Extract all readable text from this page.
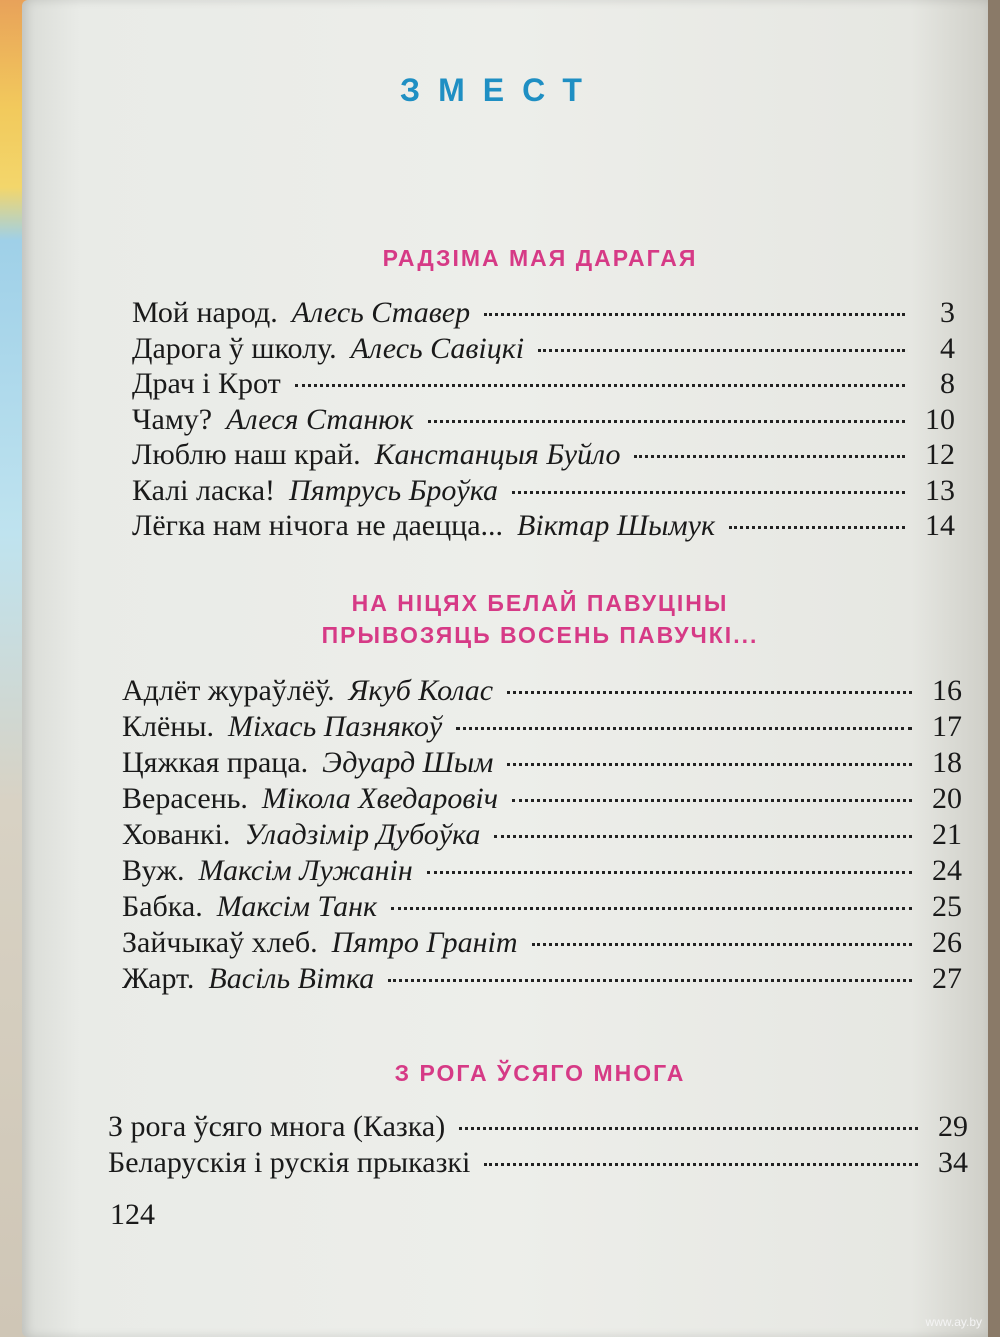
ЗМЕСТ
РАДЗІМА МАЯ ДАРАГАЯ
Мой народ. Алесь Ставер	3
Дарога ў школу. Алесь Савіцкі	4
Драч і Крот	8
Чаму? Алеся Станюк	10
Люблю наш край. Канстанцыя Буйло	12
Калі ласка! Пятрусь Броўка	13
Лёгка нам нічога не даецца... Віктар Шымук	14
НА НІЦЯХ БЕЛАЙ ПАВУЦІНЫ
ПРЫВОЗЯЦЬ ВОСЕНЬ ПАВУЧКІ...
Адлёт жураўлёў. Якуб Колас	16
Клёны. Міхась Пазнякоў	17
Цяжкая праца. Эдуард Шым	18
Верасень. Мікола Хведаровіч	20
Хованкі. Уладзімір Дубоўка	21
Вуж. Максім Лужанін	24
Бабка. Максім Танк	25
Зайчыкаў хлеб. Пятро Граніт	26
Жарт. Васіль Вітка	27
З РОГА ЎСЯГО МНОГА
З рога ўсяго многа (Казка)	29
Беларускія і рускія прыказкі	34
124
www.ay.by
